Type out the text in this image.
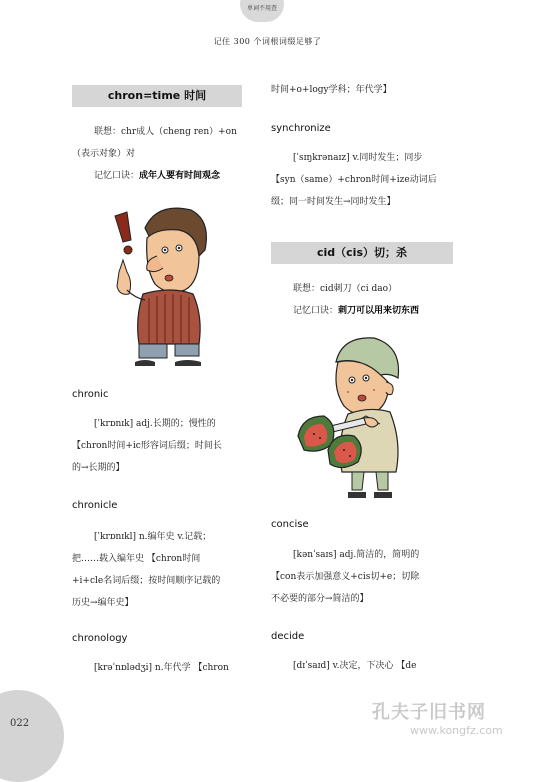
单词不用查
记住 300 个词根词缀足够了
chron=time 时间
联想：chr成人（cheng ren）+on
（表示对象）对
记忆口诀：成年人要有时间观念
chronic
[ˈkrɒnɪk] adj.长期的；慢性的
【chron时间+ic形容词后缀；时间长
的→长期的】
chronicle
[ˈkrɒnɪkl] n.编年史 v.记载；
把……载入编年史 【chron时间
+i+cle名词后缀；按时间顺序记载的
历史→编年史】
chronology
[krəˈnɒlədʒi] n.年代学 【chron
时间+o+logy学科；年代学】
synchronize
[ˈsɪŋkrənaɪz] v.同时发生；同步
【syn（same）+chron时间+ize动词后
缀；同一时间发生→同时发生】
cid（cis）切；杀
联想：cid刺刀（ci dao）
记忆口诀：刺刀可以用来切东西
concise
[kənˈsaɪs] adj.简洁的，简明的
【con表示加强意义+cis切+e；切除
不必要的部分→简洁的】
decide
[dɪˈsaɪd] v.决定，下决心 【de
022
孔夫子旧书网
www.kongfz.com
